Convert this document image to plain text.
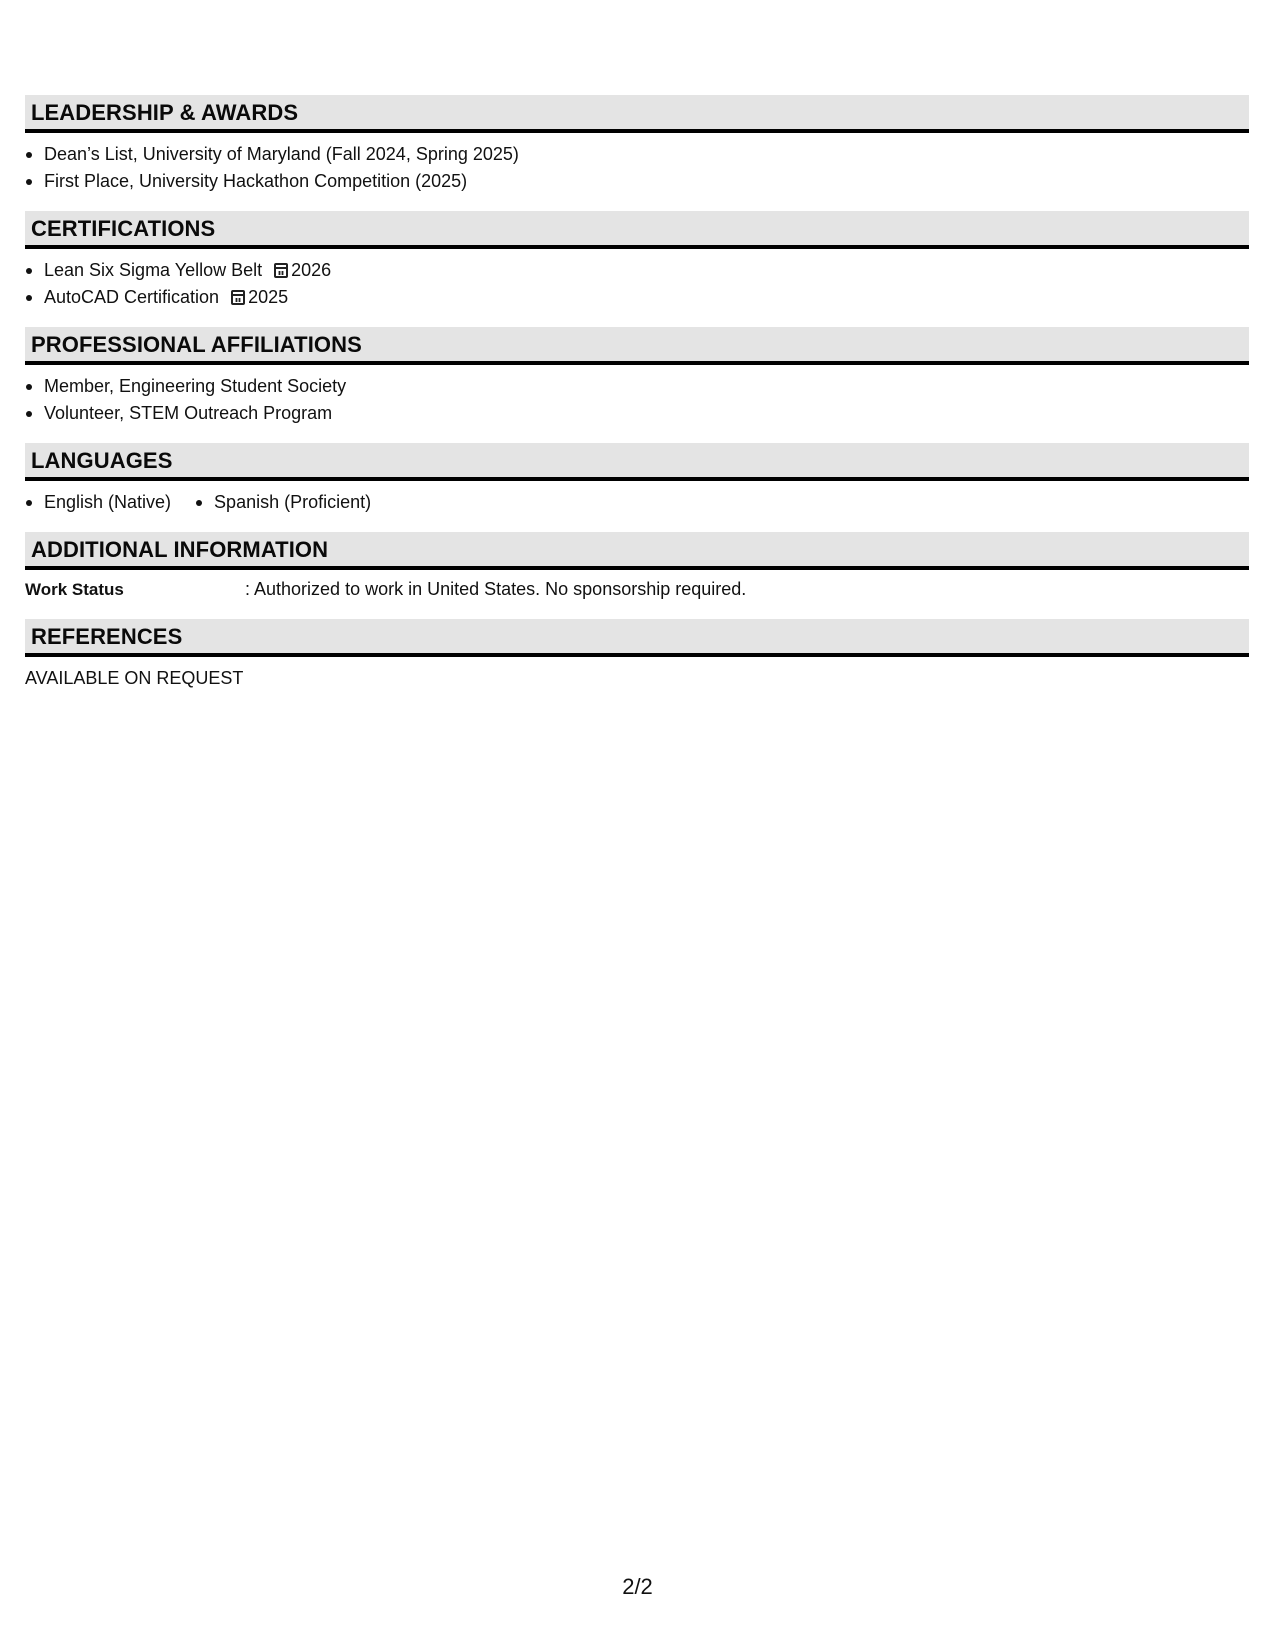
LEADERSHIP & AWARDS
Dean’s List, University of Maryland (Fall 2024, Spring 2025)
First Place, University Hackathon Competition (2025)
CERTIFICATIONS
Lean Six Sigma Yellow Belt 2026
AutoCAD Certification 2025
PROFESSIONAL AFFILIATIONS
Member, Engineering Student Society
Volunteer, STEM Outreach Program
LANGUAGES
English (Native)	Spanish (Proficient)
ADDITIONAL INFORMATION
Work Status	: Authorized to work in United States. No sponsorship required.
REFERENCES
AVAILABLE ON REQUEST
2/2
